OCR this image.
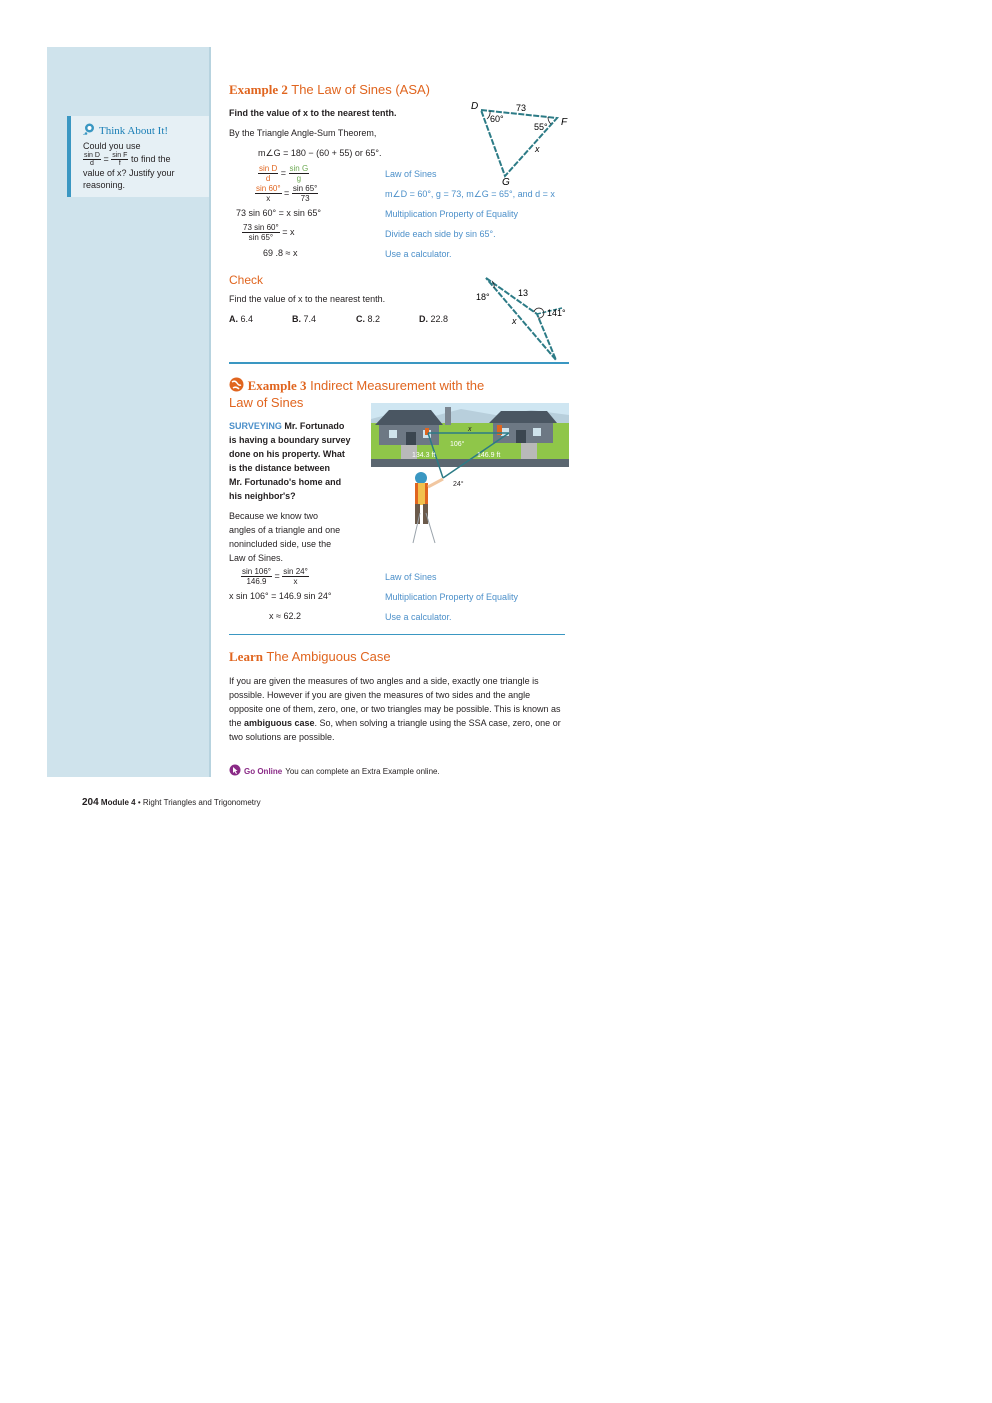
Think About It!
Could you use
$\frac{\text{sin D}}{d} = \frac{\text{sin F}}{f}$ to find the
value of x? Justify your
reasoning.
Example 2 The Law of Sines (ASA)
Find the value of x to the nearest tenth.
By the Triangle Angle-Sum Theorem,
m∠G = 180 − (60 + 55) or 65°.
$\frac{\text{sin D}}{d} = \frac{\text{sin G}}{g}$	Law of Sines
$\frac{\sin 60^\circ}{x} = \frac{\sin 65^\circ}{73}$	m∠D = 60°, g = 73, m∠G = 65°, and d = x
73 sin 60° = x sin 65°	Multiplication Property of Equality
$\frac{73 \sin 60^\circ}{\sin 65^\circ} = x$	Divide each side by sin 65°.
69 .8 ≈ x	Use a calculator.
D
F
G
73
60°
55°
x
Check
Find the value of x to the nearest tenth.
A. 6.4	B. 7.4	C. 8.2	D. 22.8
18°	13
141°
x
Example 3 Indirect Measurement with the
Law of Sines
SURVEYING Mr. Fortunado
is having a boundary survey
done on his property. What
is the distance between
Mr. Fortunado's home and
his neighbor's?
Because we know two
angles of a triangle and one
nonincluded side, use the
Law of Sines.
$\frac{\sin 106^\circ}{146.9} = \frac{\sin 24^\circ}{x}$	Law of Sines
x sin 106° = 146.9 sin 24°	Multiplication Property of Equality
x ≈ 62.2	Use a calculator.
x
106°
134.3 ft	146.9 ft
24°
Learn The Ambiguous Case
If you are given the measures of two angles and a side, exactly one triangle is possible. However if you are given the measures of two sides and the angle opposite one of them, zero, one, or two triangles may be possible. This is known as the ambiguous case. So, when solving a triangle using the SSA case, zero, one or two solutions are possible.
Go Online You can complete an Extra Example online.
204 Module 4 • Right Triangles and Trigonometry
